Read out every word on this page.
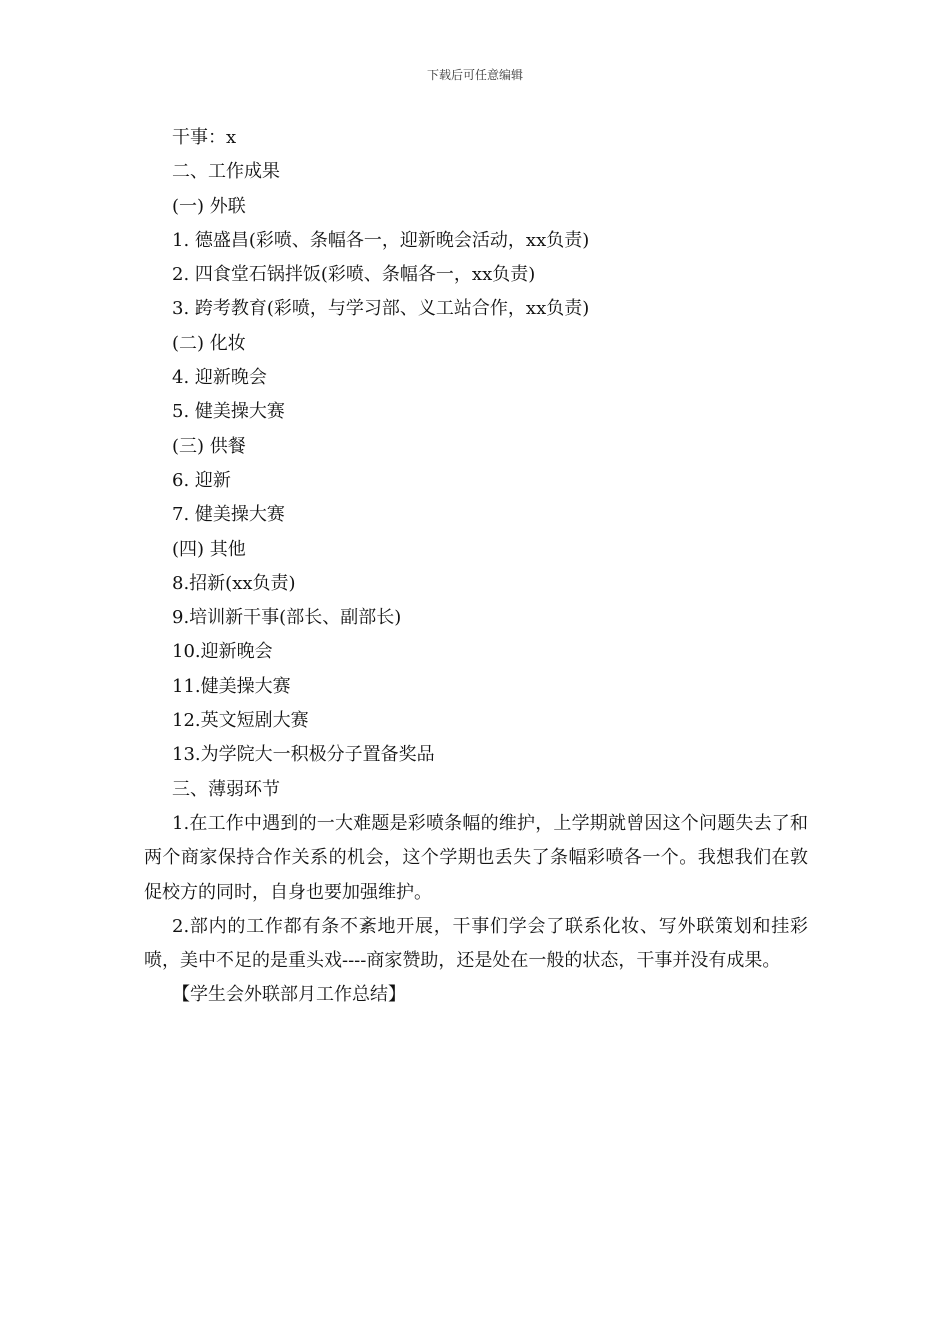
下载后可任意编辑

干事：x

二、工作成果

(一) 外联

1. 德盛昌(彩喷、条幅各一，迎新晚会活动，xx负责)

2. 四食堂石锅拌饭(彩喷、条幅各一，xx负责)

3. 跨考教育(彩喷，与学习部、义工站合作，xx负责)

(二) 化妆

4. 迎新晚会

5. 健美操大赛

(三) 供餐

6. 迎新

7. 健美操大赛

(四) 其他

8.招新(xx负责)

9.培训新干事(部长、副部长)

10.迎新晚会

11.健美操大赛

12.英文短剧大赛

13.为学院大一积极分子置备奖品

三、薄弱环节

1.在工作中遇到的一大难题是彩喷条幅的维护，上学期就曾因这个问题失去了和两个商家保持合作关系的机会，这个学期也丢失了条幅彩喷各一个。我想我们在敦促校方的同时，自身也要加强维护。

2.部内的工作都有条不紊地开展，干事们学会了联系化妆、写外联策划和挂彩喷，美中不足的是重头戏----商家赞助，还是处在一般的状态，干事并没有成果。

【学生会外联部月工作总结】
